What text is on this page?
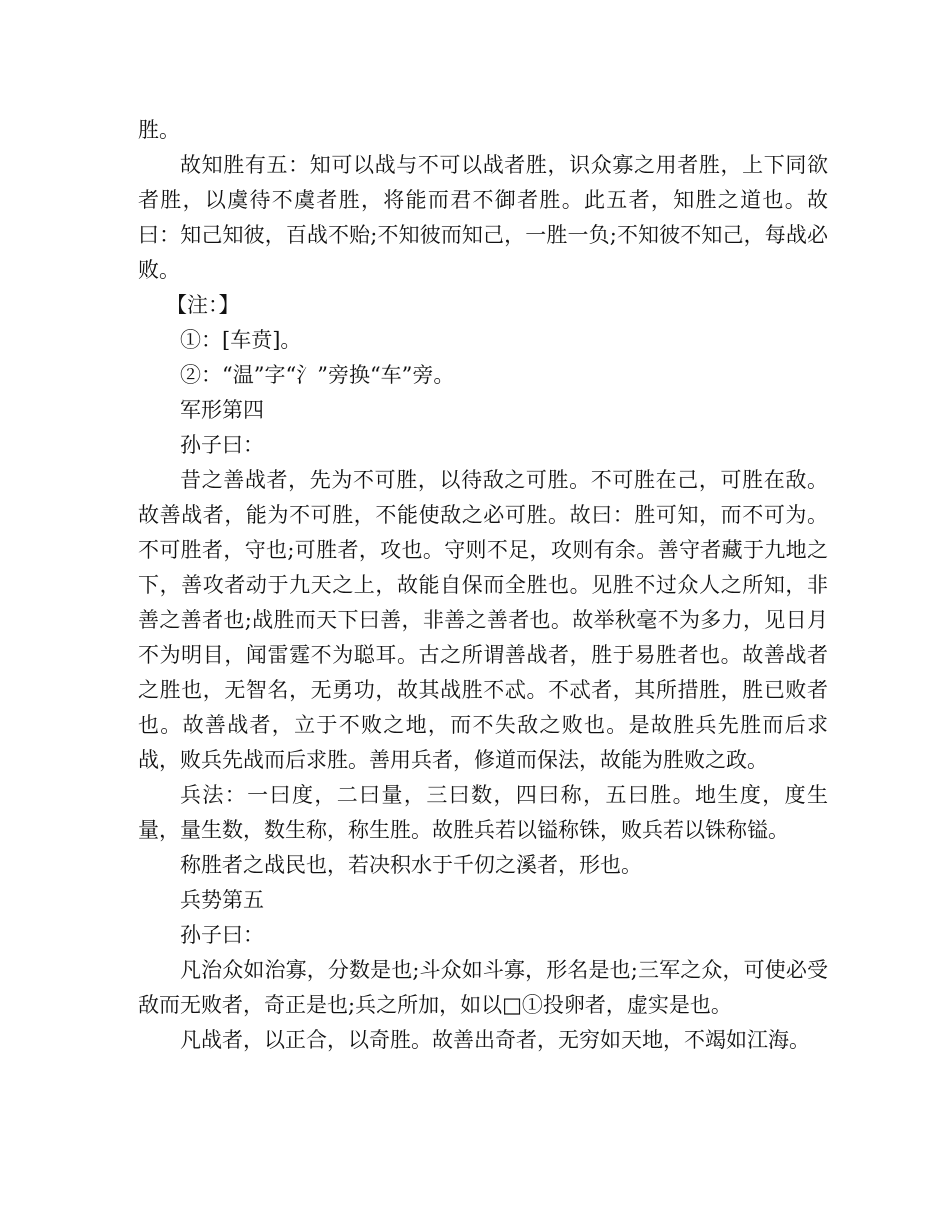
胜。

故知胜有五：知可以战与不可以战者胜，识众寡之用者胜，上下同欲者胜，以虞待不虞者胜，将能而君不御者胜。此五者，知胜之道也。故曰：知己知彼，百战不贻;不知彼而知己，一胜一负;不知彼不知己，每战必败。

【注：】

①：[车贲]。

②：“温”字“氵”旁换“车”旁。

军形第四

孙子曰：

昔之善战者，先为不可胜，以待敌之可胜。不可胜在己，可胜在敌。故善战者，能为不可胜，不能使敌之必可胜。故曰：胜可知，而不可为。不可胜者，守也;可胜者，攻也。守则不足，攻则有余。善守者藏于九地之下，善攻者动于九天之上，故能自保而全胜也。见胜不过众人之所知，非善之善者也;战胜而天下曰善，非善之善者也。故举秋毫不为多力，见日月不为明目，闻雷霆不为聪耳。古之所谓善战者，胜于易胜者也。故善战者之胜也，无智名，无勇功，故其战胜不忒。不忒者，其所措胜，胜已败者也。故善战者，立于不败之地，而不失敌之败也。是故胜兵先胜而后求战，败兵先战而后求胜。善用兵者，修道而保法，故能为胜败之政。

兵法：一曰度，二曰量，三曰数，四曰称，五曰胜。地生度，度生量，量生数，数生称，称生胜。故胜兵若以镒称铢，败兵若以铢称镒。

称胜者之战民也，若决积水于千仞之溪者，形也。

兵势第五

孙子曰：

凡治众如治寡，分数是也;斗众如斗寡，形名是也;三军之众，可使必受敌而无败者，奇正是也;兵之所加，如以□①投卵者，虚实是也。

凡战者，以正合，以奇胜。故善出奇者，无穷如天地，不竭如江海。
